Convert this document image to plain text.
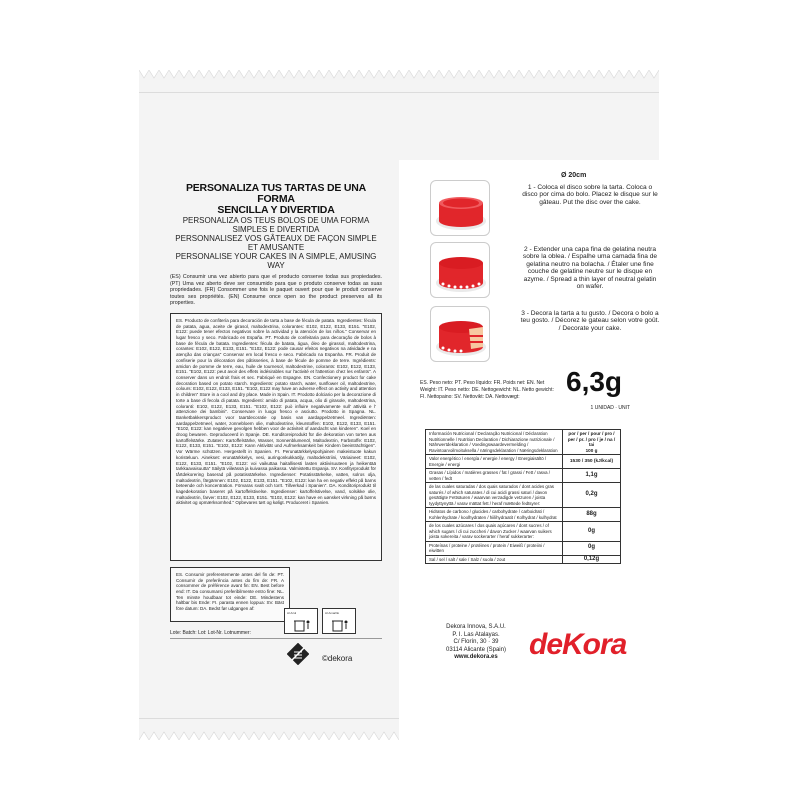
PERSONALIZA TUS TARTAS DE UNA FORMA
SENCILLA Y DIVERTIDA
PERSONALIZA OS TEUS BOLOS DE UMA FORMA
SIMPLES E DIVERTIDA
PERSONNALISEZ VOS GÂTEAUX DE FAÇON SIMPLE ET AMUSANTE
PERSONALISE YOUR CAKES IN A SIMPLE, AMUSING WAY
(ES) Consumir una vez abierto para que el producto conserve todas sus propiedades. (PT) Uma vez aberto deve ser consumido para que o produto conserve todas as suas propriedades. (FR) Consommer une fois le paquet ouvert pour que le produit conserve toutes ses propriétés. (EN) Consume once open so the product preserves all its properties.
ES. Producto de confitería para decoración de tarta a base de fécula de patata. Ingredientes: fécula de patata, agua, aceite de girasol, maltodextrina, colorantes: E102, E122, E133, E151. "E102, E122: puede tener efectos negativos sobre la actividad y la atención de los niños." Conservar en lugar fresco y seco. Fabricado en España. PT. Produto de confeitaria para decoração de bolos à base de fécula de batata. Ingredientes: fécula de batata, água, óleo de girassol, maltodextrina, corantes: E102, E122, E133, E151. "E102, E122: pode causar efeitos negativos na atividade e na atenção das crianças" Conservar em local fresco e seco. Fabricado na Espanha. FR. Produit de confiserie pour la décoration des pâtisseries, à base de fécule de pomme de terre. Ingrédients: amidon de pomme de terre, eau, huile de tournesol, maltodextrine, colorants: E102, E122, E133, E151. "E102, E122: peut avoir des effets indésirables sur l'activité et l'attention chez les enfants". A conserver dans un endroit frais et sec. Fabriqué en Espagne. EN. Confectionery product for cake decoration based on potato starch. Ingredients: potato starch, water, sunflower oil, maltodextrine, colours: E102, E122, E133, E151. "E102, E122 may have an adverse effect on activity and attention in children" Store in a cool and dry place. Made in Spain. IT. Prodotto dolciario per la decorazione di torte a base di fecola di patata. Ingredienti: amido di patata, acqua, olio di girasole, maltodestrina, coloranti: E102, E122, E133, E151. "E102, E122: può influire negativamente sull' attività e l' attenzione dei bambini". Conservare in luogo fresco e asciutto. Prodotto in Spagna. NL. Banketbakkersproduct voor taartdecoratie op basis van aardappelzetmeel. Ingrediënten: aardappelzetmeel, water, zonnebloem olie, maltodextrine, kleurstoffen: E102, E122, E133, E151. "E102, E122: kan negatieve gevolgen hebben voor de activiteit of aandacht van kinderen". Koel en droog bewaren. Geproduceerd in Spanje. DE. Konditoreiprodukt für die dekoration von torten aus kartoffelstärke. Zutaten: Kartoffelstärke, Wasser, Sonnenblumenöl, Maltodextrin, Farbstoffe: E102, E122, E133, E151. "E102, E122: Kann Aktivität und Aufmerksamkeit bei Kindern beeinträchtigen". Vor Wärme schützen. Hergestellt in Spanien. FI. Perunatärkkelyspohjainen makeistuote kakun koristeluun. Ainekset: erunatärkkelys, vesi, auringonkukkaöljy, maltodekstriini, Väriaineet: E102, E122, E133, E151. "E102, E122: voi vaikuttaa haitallisesti lasten aktiivisuuteen ja heikentää tarkkaavaisuutta" Säilytä viileässä ja kuivassa paikassa. Valmistettu Espanja. SV. Konfityrprodukt för tårtdekorering baserad på potatisstärkelse. Ingredienser: Potatisstärkelse, vatten, solros olja, maltodextrin, färgämnen: E102, E122, E133, E151. "E102, E122: kan ha en negativ effekt på barns beteende och koncentration. Förvaras svalt och torrt. Tillverkad i Spanien". DA. Konditoriprodukt til kagedekoration baseret på kartoffelstivelse. Ingredienser: kartoffelstivelse, vand, solsikke olie, maltodextrin, farver: E102, E122, E133, E151. "E102, E122: kan have en uønsket virkning på børns aktivitet og opmærksomhed." Opbevares tørt og køligt. Produceret i Spanien.
ES. Consumir preferentemente antes del fin de: PT. Consumir de preferência antes do fim de: FR. A consommer de préférence avant fin: EN. Best before end: IT. Da consumarsi preferibilmente entro fine: NL. Ten minste houdbaar tot einde: DE. Mindestens haltbar bis Ende: FI. parasta ennen loppua: SV. Bäst före datum: DA. Bedst før udgangen af:
Lote: Batch: Lot: Lot-Nr. Lotnummer:
Al Azul	Al Amarillo
©dekora
Ø 20cm
1 - Coloca el disco sobre la tarta. Coloca o disco por cima do bolo. Placez le disque sur le gâteau. Put the disc over the cake.
2 - Extender una capa fina de gelatina neutra sobre la oblea. / Espalhe uma camada fina de gelatina neutro na bolacha. / Étaler une fine couche de gelatine neutre sur le disque en azyme. / Spread a thin layer of neutral gelatin on wafer.
3 - Decora la tarta a tu gusto. / Decora o bolo a teu gosto. / Décorez le gateau selon votre goût. / Decorate your cake.
ES. Peso neto: PT. Peso líquido: FR. Poids net: EN. Net Weight: IT. Peso netto: DE. Nettogewicht: NL. Netto gewicht: FI. Nettopaino: SV. Nettovikt: DA. Nettovægt:	6,3g
1 UNIDAD · UNIT
Información Nutricional / Declaração Nutricional / Déclaration Nutritionnelle / Nutrition Declaration / Dichiarazione nutrizionale / Nährwertdeklaration / Voedingswaardevermelding / Ravintoarvoilmoituksella / näringsdeklaration / Næringsdeklaration	por / per / pour / pro / per / pr. / pro / je / na / tai
100 g

Valor energético / energía / energie / energy / Energiaisältö / Energie / energi	1530 / 350 (kJ/kcal)
Grasas / Lípidos / matières grasses / fat / grassi / Fett / rasva / vetten / fedt	1,1g
de las cuales saturadas / dos quais saturados / dont acides gras saturés / of which saturates / di cui acidi grassi saturi / davon gesättigte Fettsäuren / waarvan verzadigde vetzuren / joista tyydyttynyttä / varav mättat fett / heraf mættede fedtsyrer:	0,2g
Hidratos de carbono / glucides / carbohydrate / carboidrati / Kohlenhydrate / koolhydraten / hiilihydraatit / Kolhydrat / kulhydrat	88g
de los cuales azúcares / dos quais açúcares / dont sucres / of which sugars / di cui zuccheri / davon Zucker / waarvan suikers joista sokereita / varav sockerarter / heraf sukkerarter:	0g
Proteínas / proteine / protéines / protein / Eiweiß / proteiini / eiwitten	0g
Sal / sel / salt / sale / Salz / suola / zout	0,12g
Dekora Innova, S.A.U.
P. I. Las Atalayas.
C/ Florín, 30 · 39
03114 Alicante (Spain)
www.dekora.es	deKora
